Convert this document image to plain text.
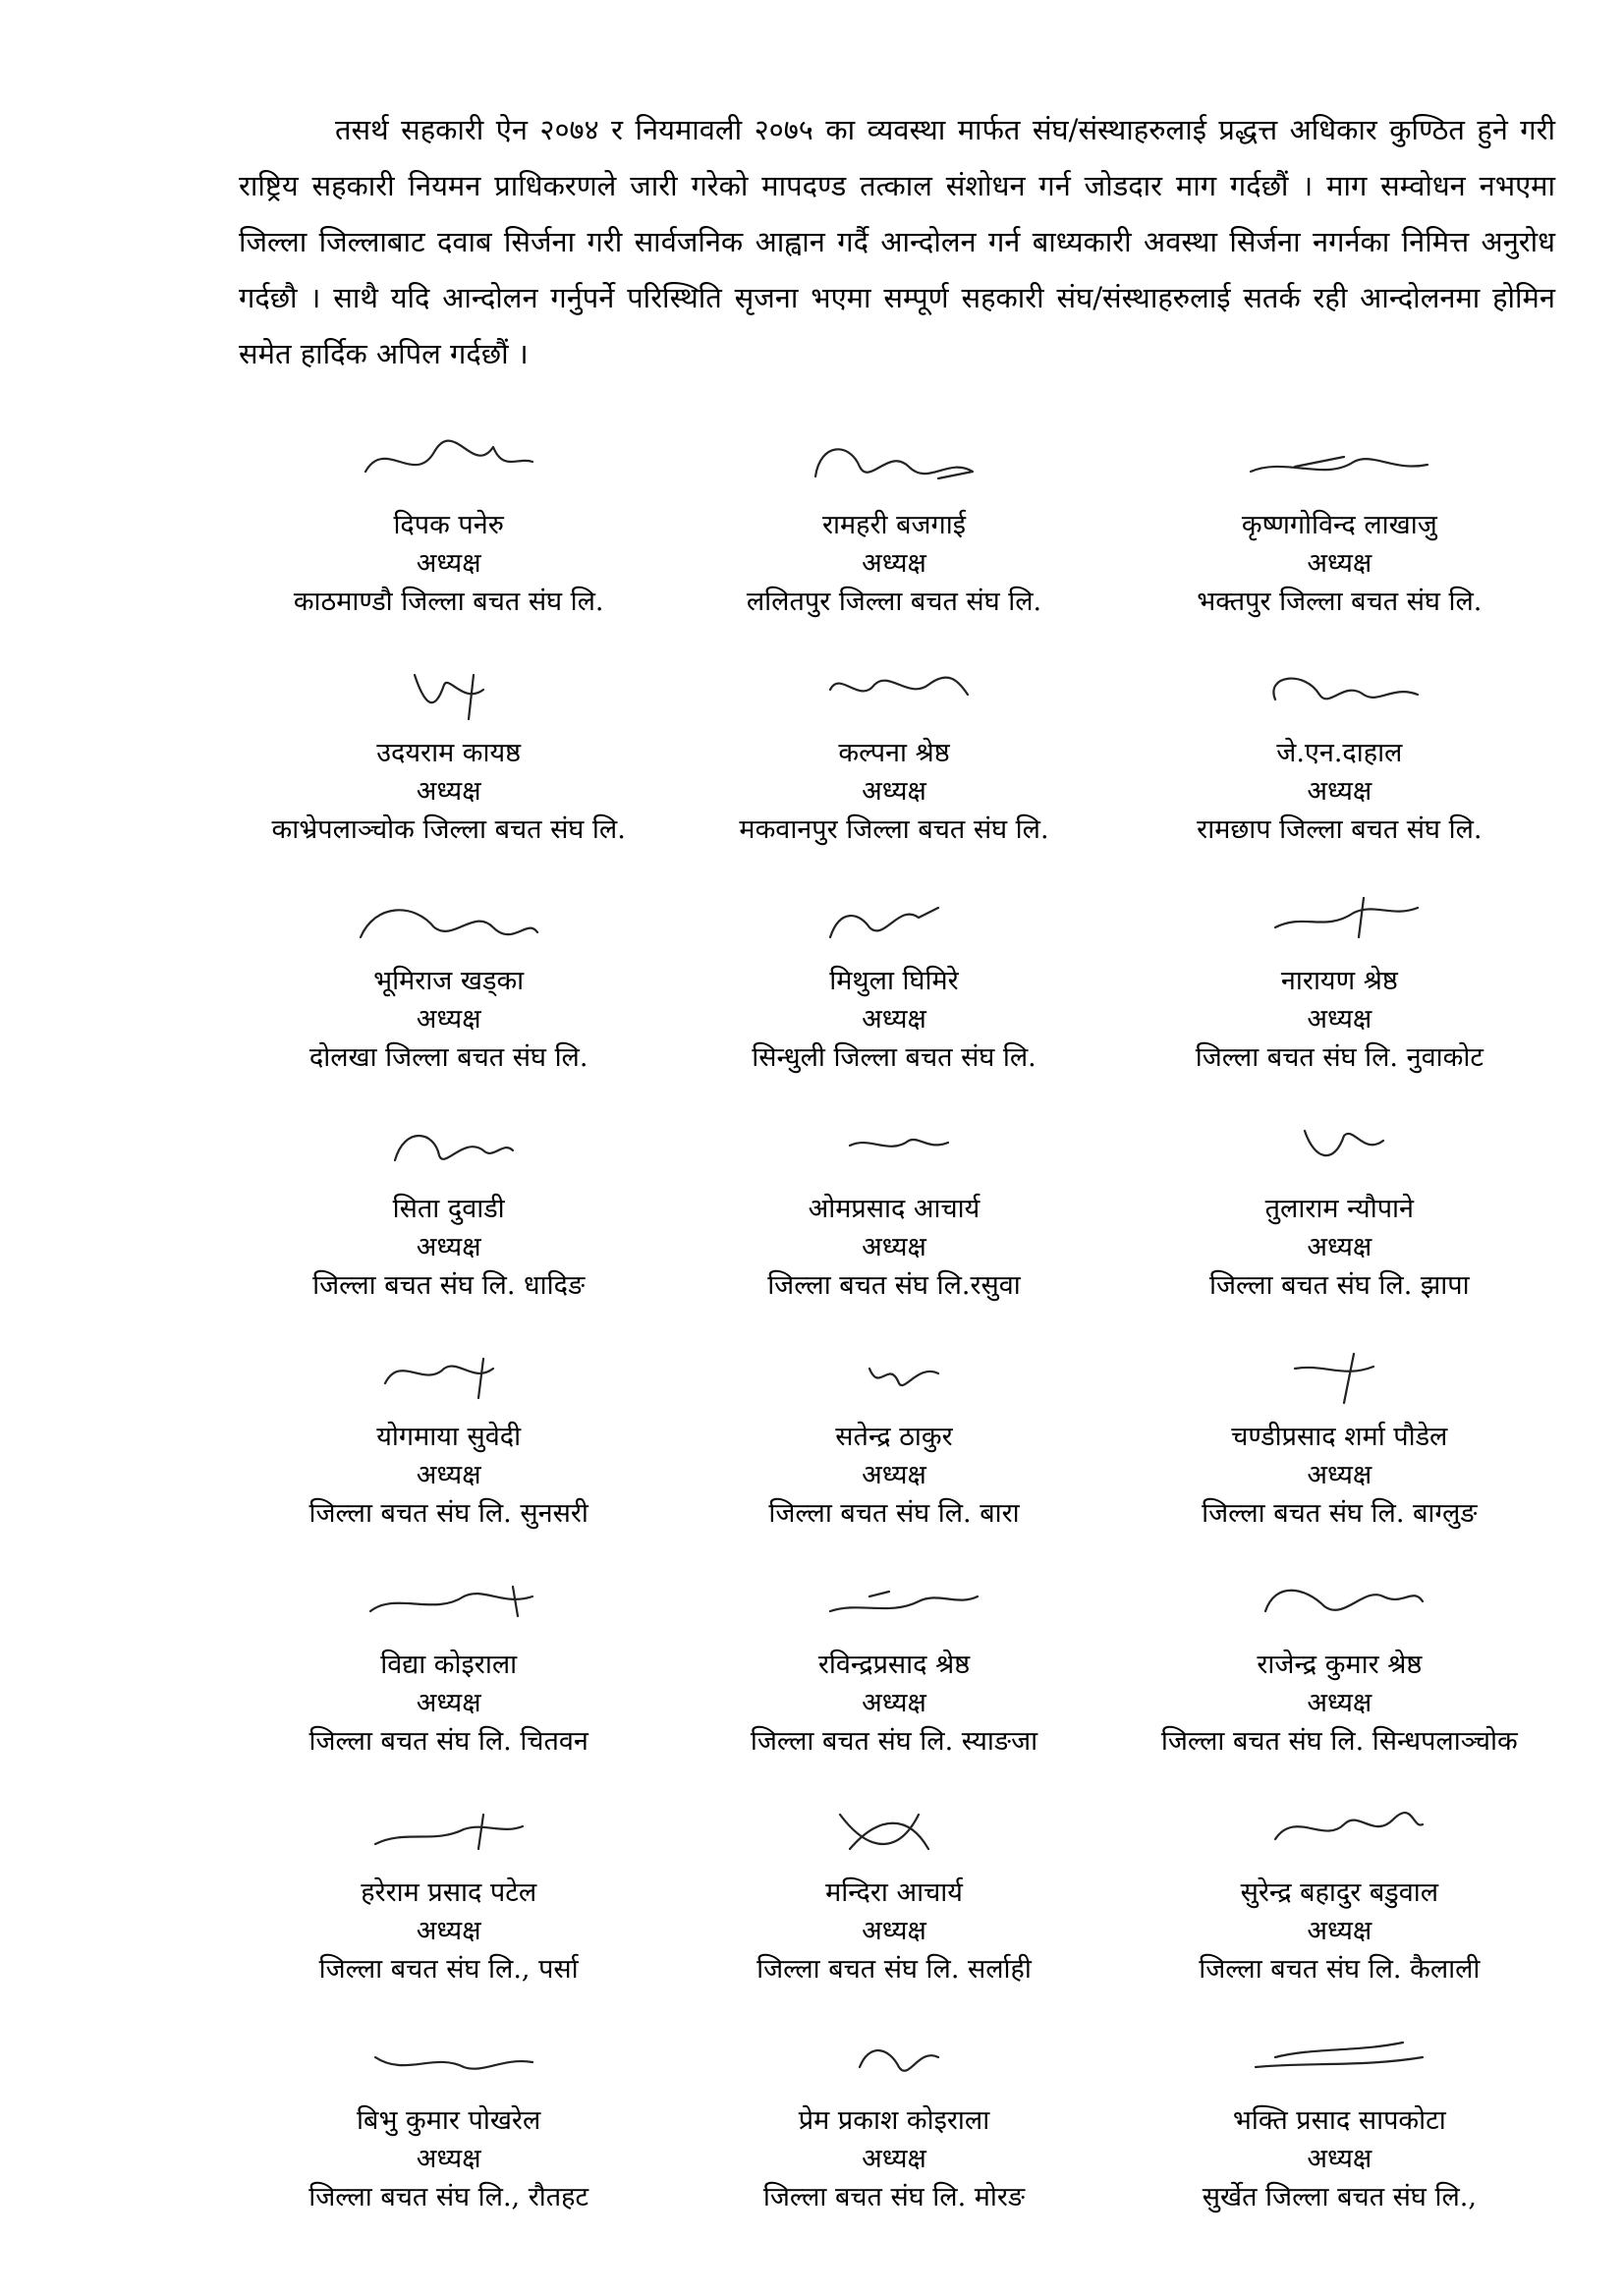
तसर्थ सहकारी ऐन २०७४ र नियमावली २०७५ का व्यवस्था मार्फत संघ/संस्थाहरुलाई प्रद्धत्त अधिकार कुण्ठित हुने गरी राष्ट्रिय सहकारी नियमन प्राधिकरणले जारी गरेको मापदण्ड तत्काल संशोधन गर्न जोडदार माग गर्दछौं । माग सम्वोधन नभएमा जिल्ला जिल्लाबाट दवाब सिर्जना गरी सार्वजनिक आह्वान गर्दै आन्दोलन गर्न बाध्यकारी अवस्था सिर्जना नगर्नका निमित्त अनुरोध गर्दछौ । साथै यदि आन्दोलन गर्नुपर्ने परिस्थिति सृजना भएमा सम्पूर्ण सहकारी संघ/संस्थाहरुलाई सतर्क रही आन्दोलनमा होमिन समेत हार्दिक अपिल गर्दछौं ।

दिपक पनेरु
अध्यक्ष
काठमाण्डौ जिल्ला बचत संघ लि.
रामहरी बजगाई
अध्यक्ष
ललितपुर जिल्ला बचत संघ लि.
कृष्णगोविन्द लाखाजु
अध्यक्ष
भक्तपुर जिल्ला बचत संघ लि.
उदयराम कायष्ठ
अध्यक्ष
काभ्रेपलाञ्चोक जिल्ला बचत संघ लि.
कल्पना श्रेष्ठ
अध्यक्ष
मकवानपुर जिल्ला बचत संघ लि.
जे.एन.दाहाल
अध्यक्ष
रामछाप जिल्ला बचत संघ लि.
भूमिराज खड्का
अध्यक्ष
दोलखा जिल्ला बचत संघ लि.
मिथुला घिमिरे
अध्यक्ष
सिन्धुली जिल्ला बचत संघ लि.
नारायण श्रेष्ठ
अध्यक्ष
जिल्ला बचत संघ लि. नुवाकोट
सिता दुवाडी
अध्यक्ष
जिल्ला बचत संघ लि. धादिङ
ओमप्रसाद आचार्य
अध्यक्ष
जिल्ला बचत संघ लि.रसुवा
तुलाराम न्यौपाने
अध्यक्ष
जिल्ला बचत संघ लि. झापा
योगमाया सुवेदी
अध्यक्ष
जिल्ला बचत संघ लि. सुनसरी
सतेन्द्र ठाकुर
अध्यक्ष
जिल्ला बचत संघ लि. बारा
चण्डीप्रसाद शर्मा पौडेल
अध्यक्ष
जिल्ला बचत संघ लि. बाग्लुङ
विद्या कोइराला
अध्यक्ष
जिल्ला बचत संघ लि. चितवन
रविन्द्रप्रसाद श्रेष्ठ
अध्यक्ष
जिल्ला बचत संघ लि. स्याङजा
राजेन्द्र कुमार श्रेष्ठ
अध्यक्ष
जिल्ला बचत संघ लि. सिन्धपलाञ्चोक
हरेराम प्रसाद पटेल
अध्यक्ष
जिल्ला बचत संघ लि., पर्सा
मन्दिरा आचार्य
अध्यक्ष
जिल्ला बचत संघ लि. सर्लाही
सुरेन्द्र बहादुर बडुवाल
अध्यक्ष
जिल्ला बचत संघ लि. कैलाली
बिभु कुमार पोखरेल
अध्यक्ष
जिल्ला बचत संघ लि., रौतहट
प्रेम प्रकाश कोइराला
अध्यक्ष
जिल्ला बचत संघ लि. मोरङ
भक्ति प्रसाद सापकोटा
अध्यक्ष
सुर्खेत जिल्ला बचत संघ लि.,
